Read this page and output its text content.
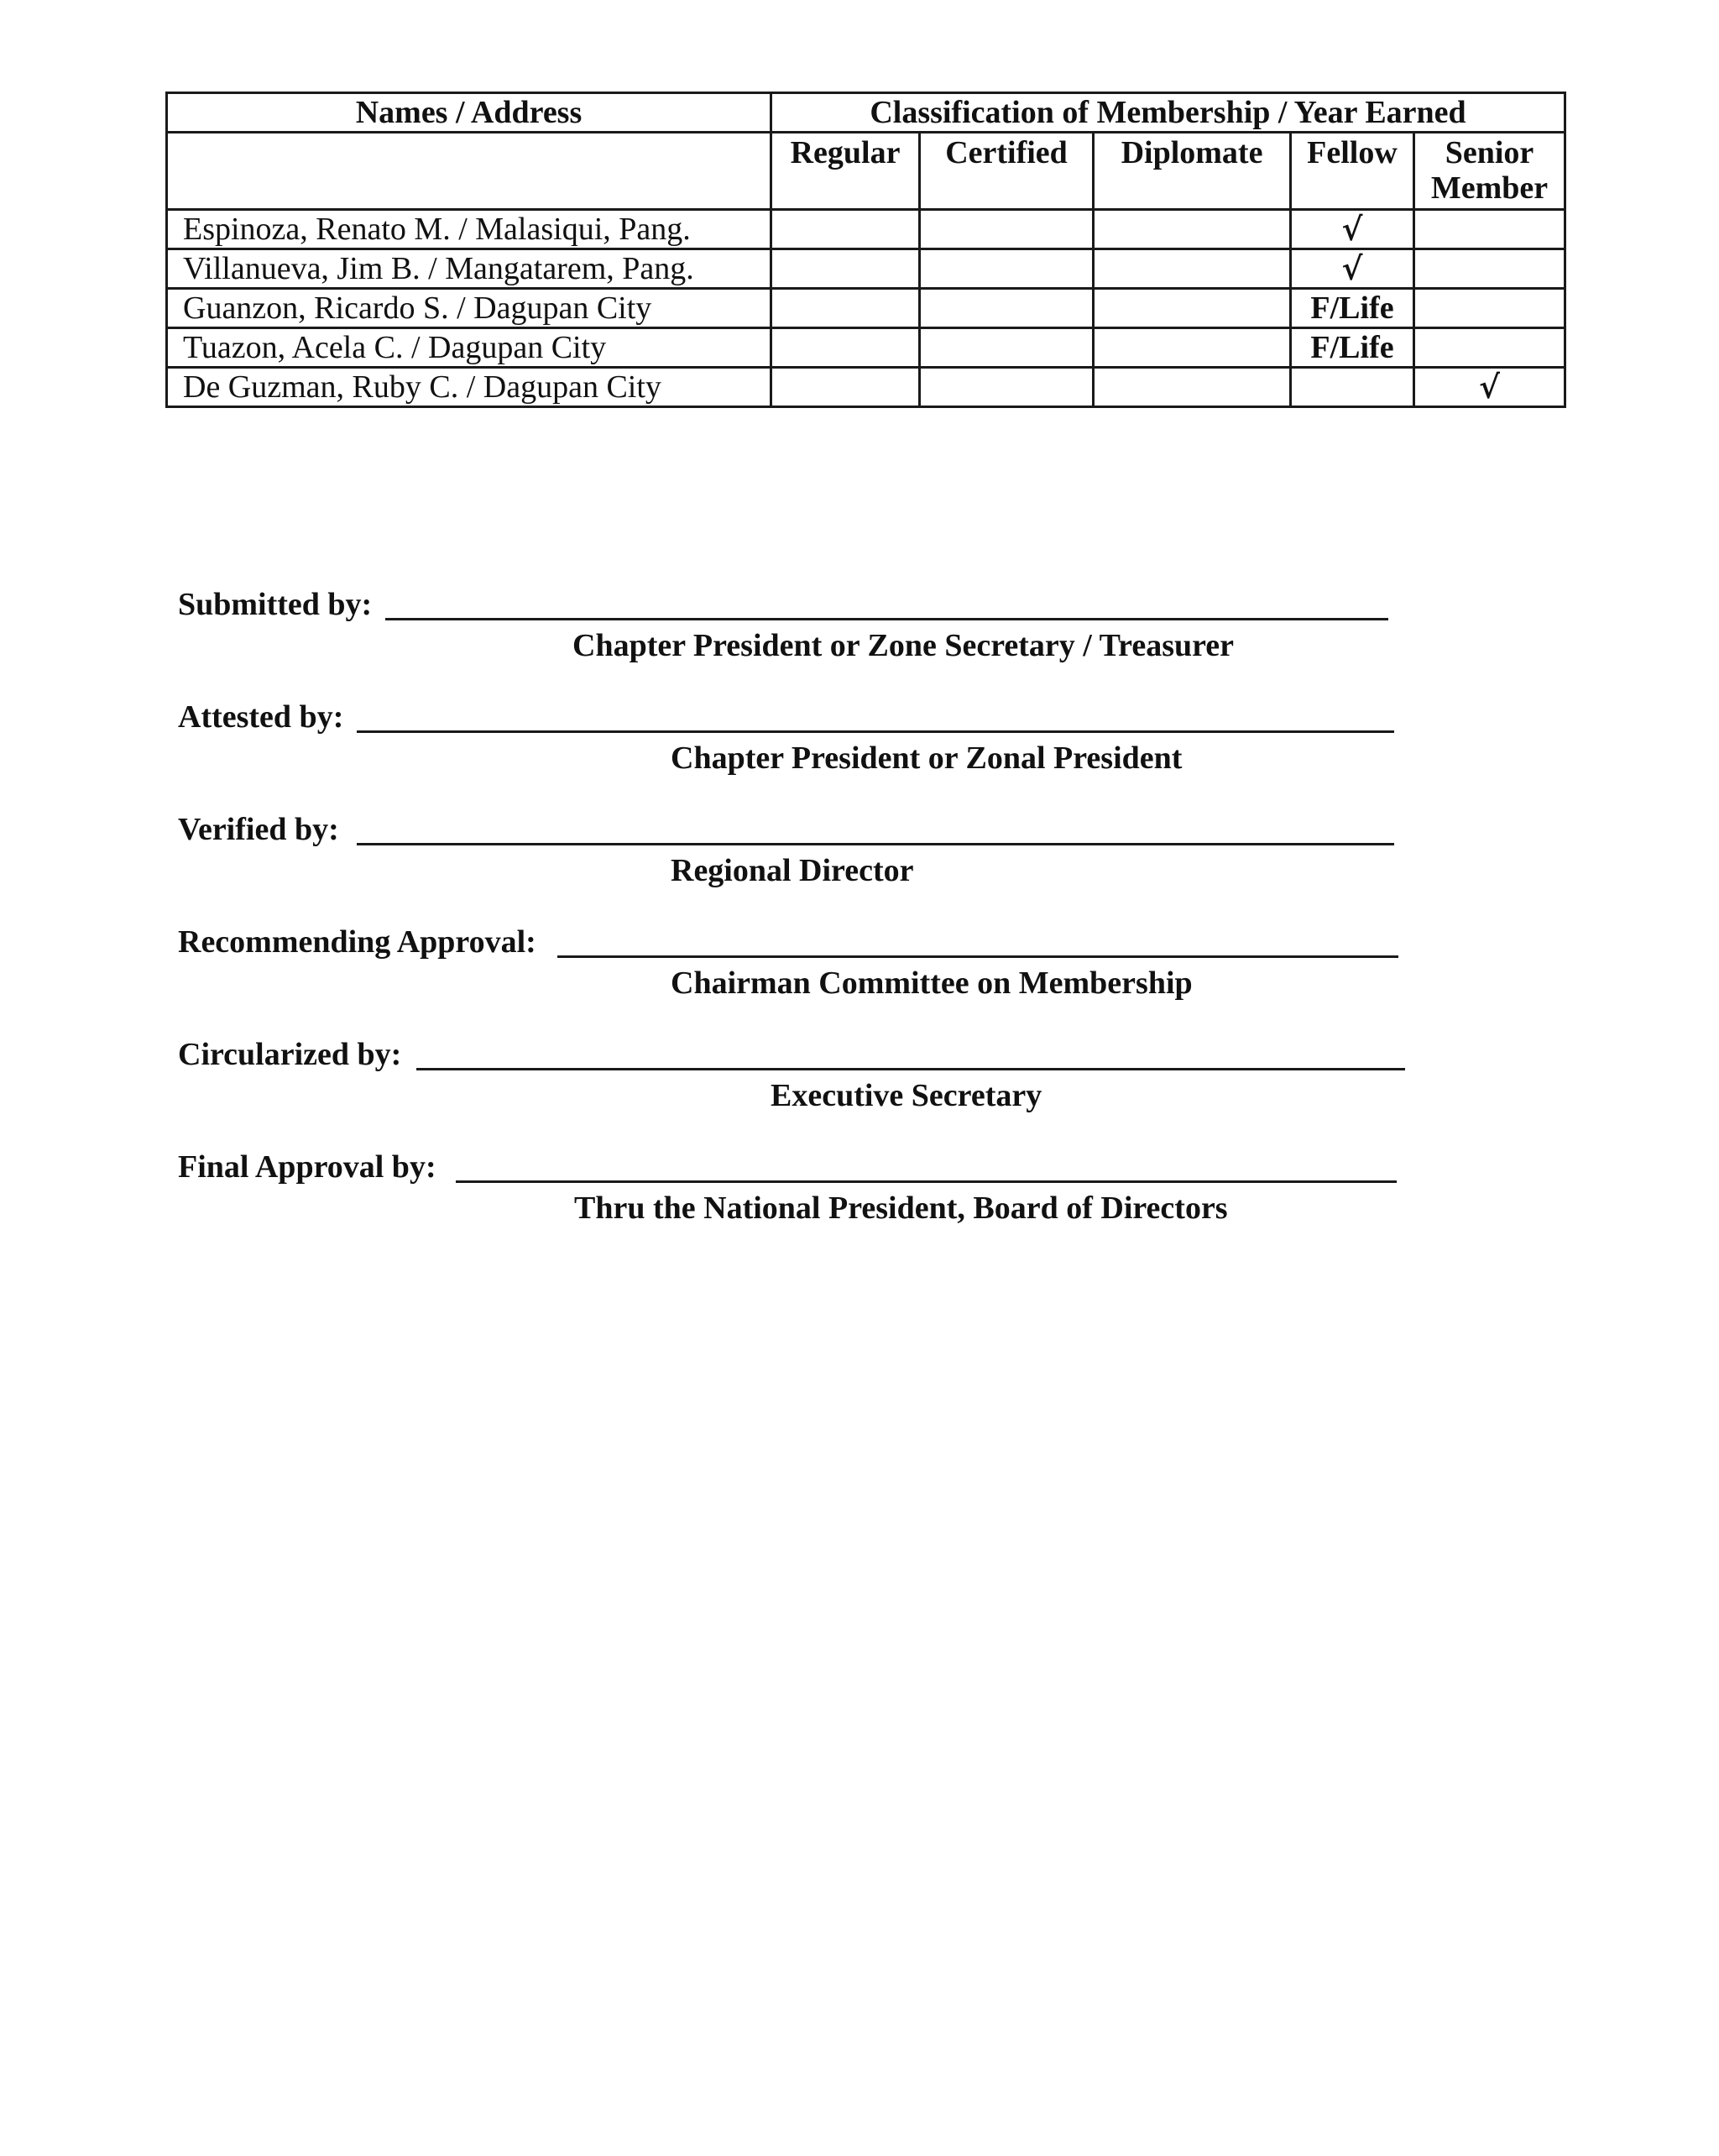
Names / Address	Classification of Membership / Year Earned				
	Regular	Certified	Diplomate	Fellow	Senior
Member
Espinoza, Renato M. / Malasiqui, Pang.				√	
Villanueva, Jim B. / Mangatarem, Pang.				√	
Guanzon, Ricardo S. / Dagupan City				F/Life	
Tuazon, Acela C. / Dagupan City				F/Life	
De Guzman, Ruby C. / Dagupan City					√
Submitted by:
Chapter President or Zone Secretary / Treasurer
Attested by:
Chapter President or Zonal President
Verified by:
Regional Director
Recommending Approval:
Chairman Committee on Membership
Circularized by:
Executive Secretary
Final Approval by:
Thru the National President, Board of Directors
